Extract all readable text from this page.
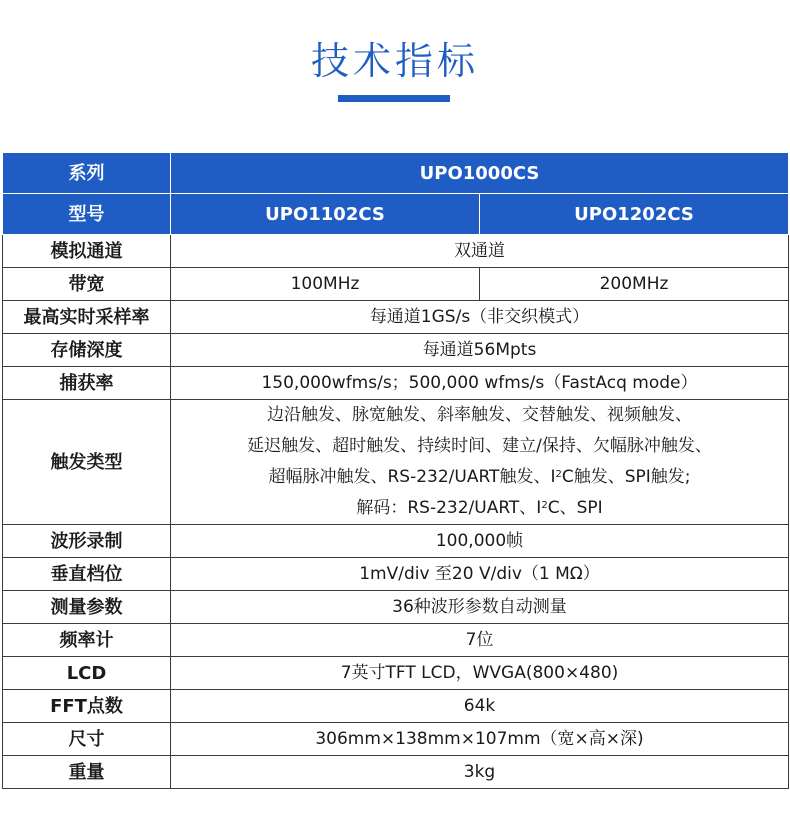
技术指标
系列	UPO1000CS	
型号	UPO1102CS	UPO1202CS
模拟通道	双通道	
带宽	100MHz	200MHz
最高实时采样率	每通道1GS/s（非交织模式）	
存储深度	每通道56Mpts	
捕获率	150,000wfms/s；500,000 wfms/s（FastAcq mode）	
触发类型	边沿触发、脉宽触发、斜率触发、交替触发、视频触发、
延迟触发、超时触发、持续时间、建立/保持、欠幅脉冲触发、
超幅脉冲触发、RS-232/UART触发、$I^2C$触发、SPI触发;
解码：RS-232/UART、$I^2C$、SPI	

波形录制	100,000帧	
垂直档位	1mV/div 至20 V/div（1 MΩ）	
测量参数	36种波形参数自动测量	
频率计	7位	
LCD	7英寸TFT LCD，WVGA(800×480)	
FFT点数	64k	
尺寸	306mm×138mm×107mm（宽×高×深)	
重量	3kg	
